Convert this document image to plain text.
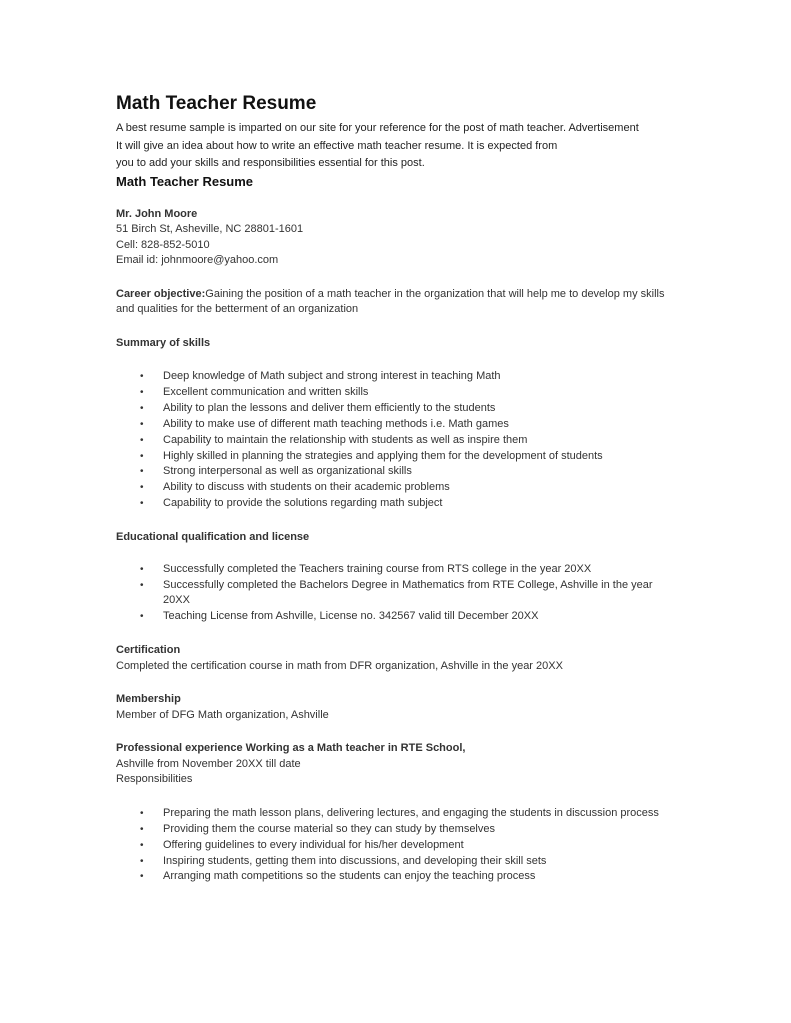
Math Teacher Resume
A best resume sample is imparted on our site for your reference for the post of math teacher. Advertisement
It will give an idea about how to write an effective math teacher resume. It is expected from
you to add your skills and responsibilities essential for this post.
Math Teacher Resume
Mr. John Moore
51 Birch St, Asheville, NC 28801-1601
Cell: 828-852-5010
Email id: johnmoore@yahoo.com
Career objective:Gaining the position of a math teacher in the organization that will help me to develop my skills and qualities for the betterment of an organization
Summary of skills
• Deep knowledge of Math subject and strong interest in teaching Math
• Excellent communication and written skills
• Ability to plan the lessons and deliver them efficiently to the students
• Ability to make use of different math teaching methods i.e. Math games
• Capability to maintain the relationship with students as well as inspire them
• Highly skilled in planning the strategies and applying them for the development of students
• Strong interpersonal as well as organizational skills
• Ability to discuss with students on their academic problems
• Capability to provide the solutions regarding math subject
Educational qualification and license
• Successfully completed the Teachers training course from RTS college in the year 20XX
• Successfully completed the Bachelors Degree in Mathematics from RTE College, Ashville in the year 20XX
• Teaching License from Ashville, License no. 342567 valid till December 20XX
Certification
Completed the certification course in math from DFR organization, Ashville in the year 20XX
Membership
Member of DFG Math organization, Ashville
Professional experience Working as a Math teacher in RTE School,
Ashville from November 20XX till date
Responsibilities
• Preparing the math lesson plans, delivering lectures, and engaging the students in discussion process
• Providing them the course material so they can study by themselves
• Offering guidelines to every individual for his/her development
• Inspiring students, getting them into discussions, and developing their skill sets
• Arranging math competitions so the students can enjoy the teaching process
